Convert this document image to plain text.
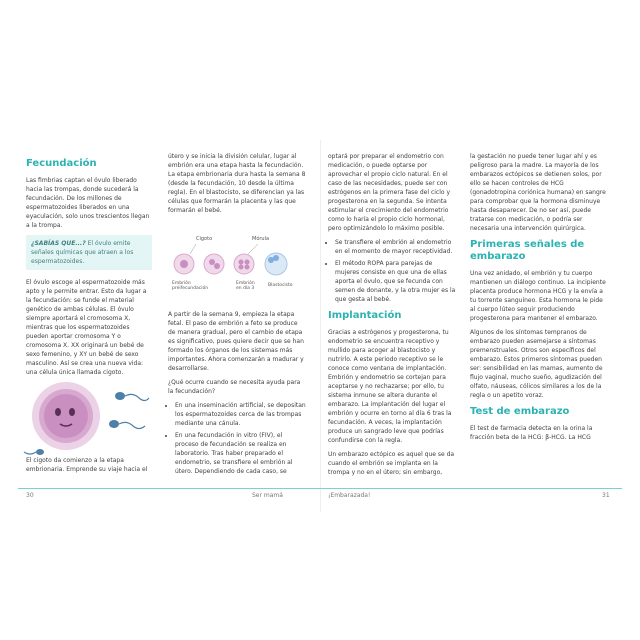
Fecundación

Las fimbrias captan el óvulo liberado hacia las trompas, donde sucederá la fecundación. De los millones de espermatozoides liberados en una eyaculación, solo unos trescientos llegan a la trompa.

¿SABÍAS QUE...? El óvulo emite señales químicas que atraen a los espermatozoides.

El óvulo escoge al espermatozoide más apto y le permite entrar. Esto da lugar a la fecundación: se funde el material genético de ambas células. El óvulo siempre aportará el cromosoma X, mientras que los espermatozoides pueden aportar cromosoma Y o cromosoma X. XX originará un bebé de sexo femenino, y XY un bebé de sexo masculino. Así se crea una nueva vida: una célula única llamada cigoto.

El cigoto da comienzo a la etapa embrionaria. Emprende su viaje hacia el

útero y se inicia la división celular, lugar al embrión era una etapa hasta la fecundación. La etapa embrionaria dura hasta la semana 8 (desde la fecundación, 10 desde la última regla). En el blastocisto, se diferencian ya las células que formarán la placenta y las que formarán el bebé.

Cigoto	Mórula
Embrión preifecundación
Embrión en día 3
Blastocisto

A partir de la semana 9, empieza la etapa fetal. El paso de embrión a feto se produce de manera gradual, pero el cambio de etapa es significativo, pues quiere decir que se han formado los órganos de los sistemas más importantes. Ahora comenzarán a madurar y desarrollarse.

¿Qué ocurre cuando se necesita ayuda para la fecundación?

• En una inseminación artificial, se depositan los espermatozoides cerca de las trompas mediante una cánula.
• En una fecundación in vitro (FIV), el proceso de fecundación se realiza en laboratorio. Tras haber preparado el endometrio, se transfiere el embrión al útero. Dependiendo de cada caso, se
30	Ser mamá

optará por preparar el endometrio con medicación, o puede optarse por aprovechar el propio ciclo natural. En el caso de las necesidades, puede ser con estrógenos en la primera fase del ciclo y progesterona en la segunda. Se intenta estimular el crecimiento del endometrio como lo haría el propio ciclo hormonal, pero optimizándolo lo máximo posible.

• Se transfiere el embrión al endometrio en el momento de mayor receptividad.
• El método ROPA para parejas de mujeres consiste en que una de ellas aporta el óvulo, que se fecunda con semen de donante, y la otra mujer es la que gesta al bebé.
Implantación

Gracias a estrógenos y progesterona, tu endometrio se encuentra receptivo y mullido para acoger al blastocisto y nutrirlo. A este periodo receptivo se le conoce como ventana de implantación. Embrión y endometrio se cortejan para aceptarse y no rechazarse; por ello, tu sistema inmune se altera durante el embarazo. La implantación del lugar el embrión y ocurre en torno al día 6 tras la fecundación. A veces, la implantación produce un sangrado leve que podrías confundirse con la regla.

Un embarazo ectópico es aquel que se da cuando el embrión se implanta en la trompa y no en el útero; sin embargo,

la gestación no puede tener lugar ahí y es peligroso para la madre. La mayoría de los embarazos ectópicos se detienen solos, por ello se hacen controles de HCG (gonadotropina coriónica humana) en sangre para comprobar que la hormona disminuye hasta desaparecer. De no ser así, puede tratarse con medicación, o podría ser necesaria una intervención quirúrgica.

Primeras señales de embarazo

Una vez anidado, el embrión y tu cuerpo mantienen un diálogo continuo. La incipiente placenta produce hormona HCG y la envía a tu torrente sanguíneo. Esta hormona le pide al cuerpo lúteo seguir produciendo progesterona para mantener el embarazo.

Algunos de los síntomas tempranos de embarazo pueden asemejarse a síntomas premenstruales. Otros son específicos del embarazo. Estos primeros síntomas pueden ser: sensibilidad en las mamas, aumento de flujo vaginal, mucho sueño, agudización del olfato, náuseas, cólicos similares a los de la regla o un apetito voraz.

Test de embarazo

El test de farmacia detecta en la orina la fracción beta de la HCG: β-HCG. La HCG

¡Embarazada!	31
